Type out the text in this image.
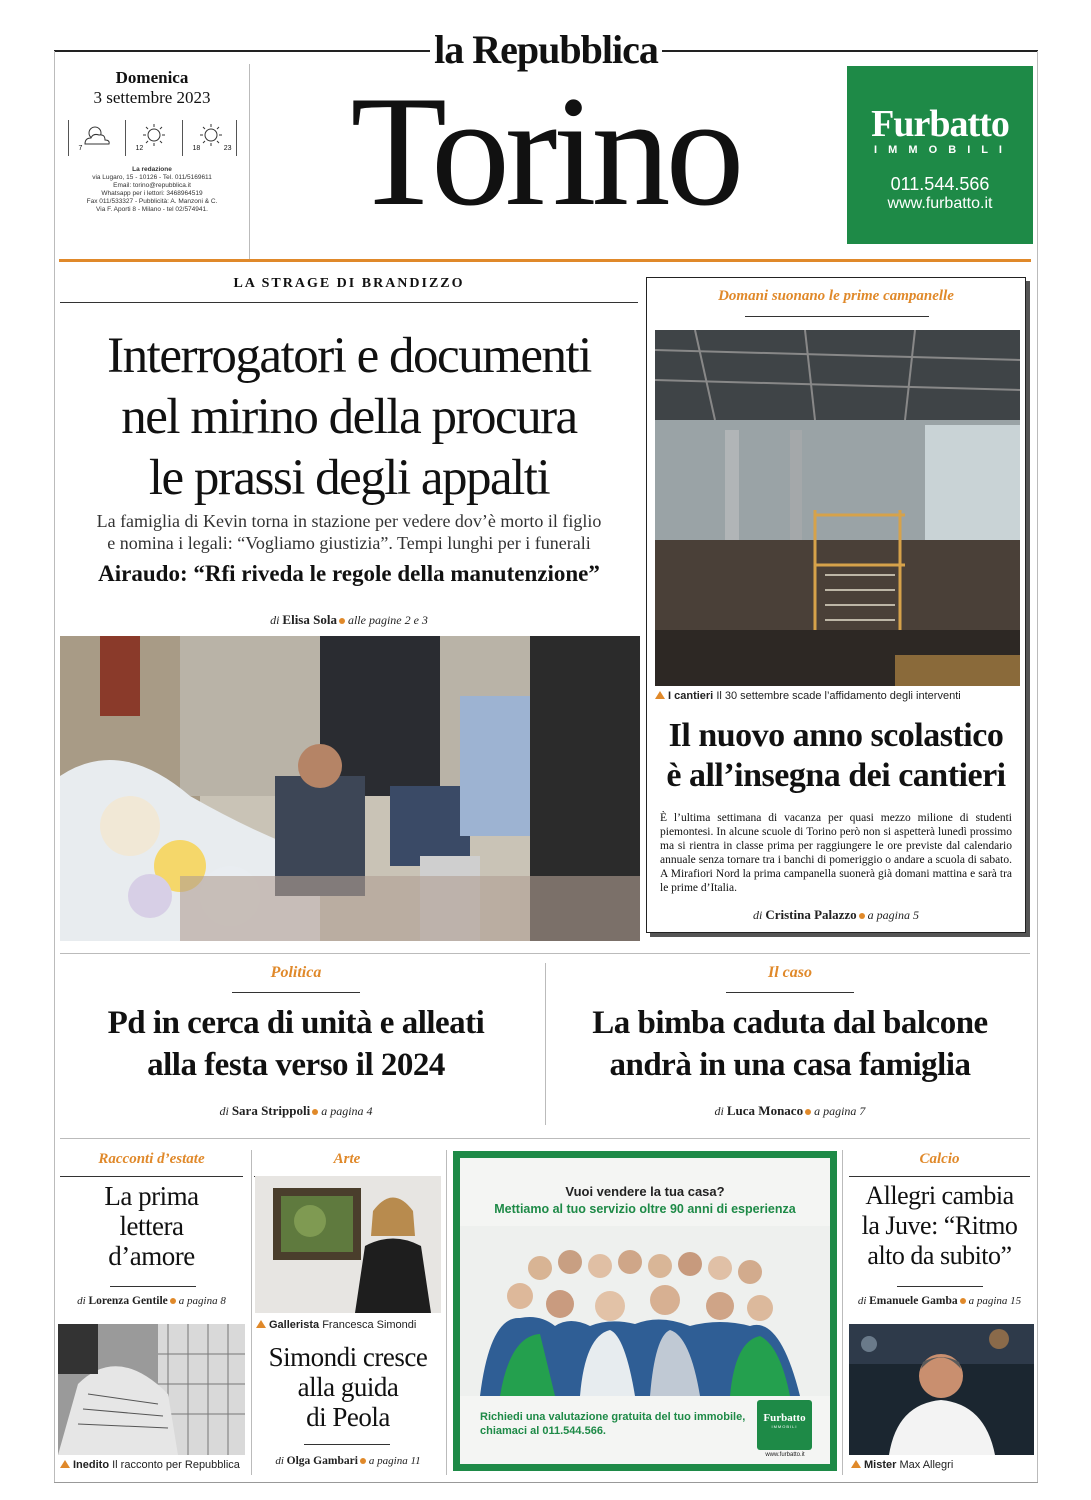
la Repubblica
Domenica
3 settembre 2023
7	12	18	23
La redazione
via Lugaro, 15 - 10126 - Tel. 011/5169611
Email: torino@repubblica.it
Whatsapp per i lettori: 3468964519
Fax 011/533327 - Pubblicità: A. Manzoni & C.
Via F. Aporti 8 - Milano - tel 02/574941. Torino	Furbatto
I M M O B I L I
011.544.566
www.furbatto.it
LA STRAGE DI BRANDIZZO
Interrogatori e documenti
nel mirino della procura
le prassi degli appalti
La famiglia di Kevin torna in stazione per vedere dov’è morto il figlio
e nomina i legali: “Vogliamo giustizia”. Tempi lunghi per i funerali
Airaudo: “Rfi riveda le regole della manutenzione”
di Elisa Sola alle pagine 2 e 3
Domani suonano le prime campanelle
I cantieri Il 30 settembre scade l’affidamento degli interventi
Il nuovo anno scolastico
è all’insegna dei cantieri
È l’ultima settimana di vacanza per quasi mezzo milione di studenti piemontesi. In alcune scuole di Torino però non si aspetterà lunedì prossimo ma si rientra in classe prima per raggiungere le ore previste dal calendario annuale senza tornare tra i banchi di pomeriggio o andare a scuola di sabato. A Mirafiori Nord la prima campanella suonerà già domani mattina e sarà tra le prime d’Italia.
di Cristina Palazzo a pagina 5
Politica
Pd in cerca di unità e alleati
alla festa verso il 2024
di Sara Strippoli a pagina 4
Il caso
La bimba caduta dal balcone
andrà in una casa famiglia
di Luca Monaco a pagina 7
Racconti d’estate
La prima
lettera
d’amore
di Lorenza Gentile a pagina 8
Inedito Il racconto per Repubblica
Arte
Gallerista Francesca Simondi
Simondi cresce
alla guida
di Peola
di Olga Gambari a pagina 11
Vuoi vendere la tua casa?
Mettiamo al tuo servizio oltre 90 anni di esperienza
Richiedi una valutazione gratuita del tuo immobile,
chiamaci al 011.544.566.
Furbatto
IMMOBILI
www.furbatto.it
Calcio
Allegri cambia
la Juve: “Ritmo
alto da subito”
di Emanuele Gamba a pagina 15
Mister Max Allegri
